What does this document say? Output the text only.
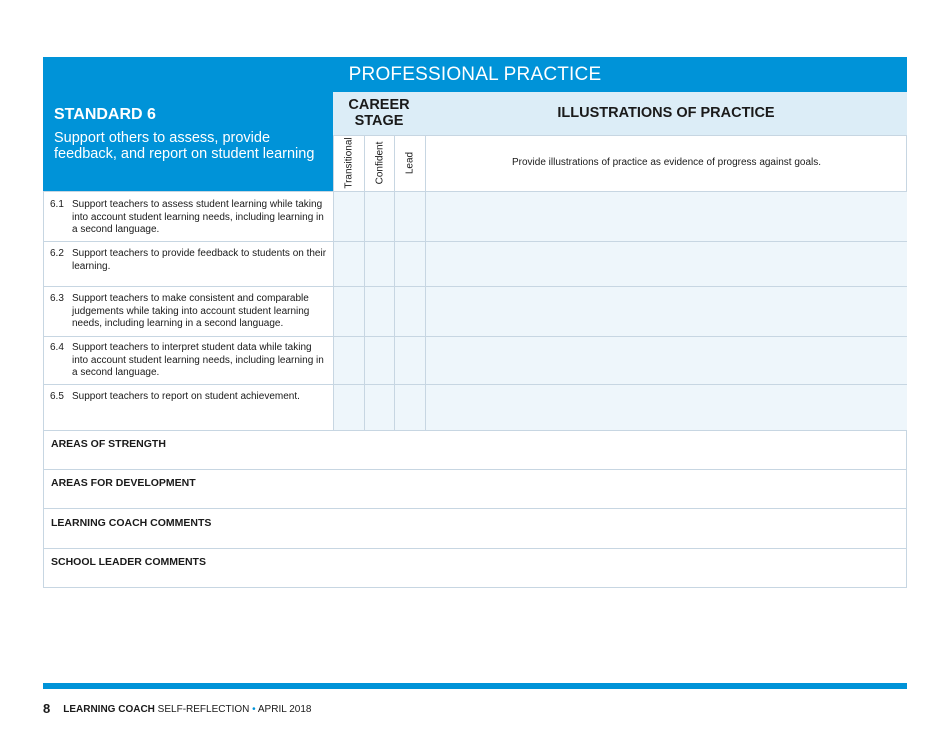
PROFESSIONAL PRACTICE
STANDARD 6
Support others to assess, provide feedback, and report on student learning
CAREER STAGE	ILLUSTRATIONS OF PRACTICE
Transitional Confident Lead	Provide illustrations of practice as evidence of progress against goals.
6.1 Support teachers to assess student learning while taking into account student learning needs, including learning in a second language.
6.2 Support teachers to provide feedback to students on their learning.
6.3 Support teachers to make consistent and comparable judgements while taking into account student learning needs, including learning in a second language.
6.4 Support teachers to interpret student data while taking into account student learning needs, including learning in a second language.
6.5 Support teachers to report on student achievement.
AREAS OF STRENGTH
AREAS FOR DEVELOPMENT
LEARNING COACH COMMENTS
SCHOOL LEADER COMMENTS
8 LEARNING COACH SELF-REFLECTION • APRIL 2018
